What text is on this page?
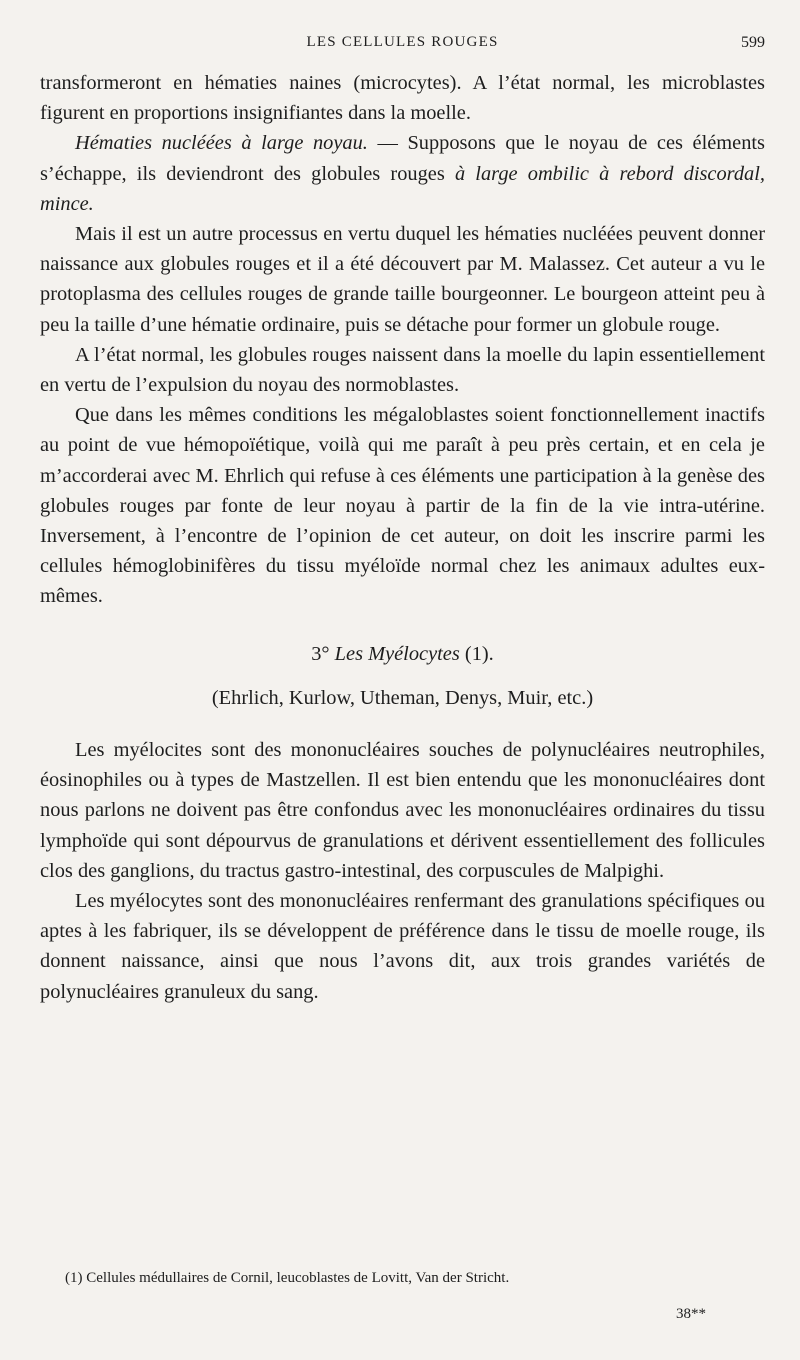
LES CELLULES ROUGES	599

transformeront en hématies naines (microcytes). A l’état normal, les microblastes figurent en proportions insignifiantes dans la moelle.

Hématies nucléées à large noyau. — Supposons que le noyau de ces éléments s’échappe, ils deviendront des globules rouges à large ombilic à rebord discordal, mince.

Mais il est un autre processus en vertu duquel les hématies nucléées peuvent donner naissance aux globules rouges et il a été découvert par M. Malassez. Cet auteur a vu le protoplasma des cellules rouges de grande taille bourgeonner. Le bourgeon atteint peu à peu la taille d’une hématie ordinaire, puis se détache pour former un globule rouge.

A l’état normal, les globules rouges naissent dans la moelle du lapin essentiellement en vertu de l’expulsion du noyau des normoblastes.

Que dans les mêmes conditions les mégaloblastes soient fonctionnellement inactifs au point de vue hémopoïétique, voilà qui me paraît à peu près certain, et en cela je m’accorderai avec M. Ehrlich qui refuse à ces éléments une participation à la genèse des globules rouges par fonte de leur noyau à partir de la fin de la vie intra-utérine. Inversement, à l’encontre de l’opinion de cet auteur, on doit les inscrire parmi les cellules hémoglobinifères du tissu myéloïde normal chez les animaux adultes eux-mêmes.

3° Les Myélocytes (1).

(Ehrlich, Kurlow, Utheman, Denys, Muir, etc.)

Les myélocites sont des mononucléaires souches de polynucléaires neutrophiles, éosinophiles ou à types de Mastzellen. Il est bien entendu que les mononucléaires dont nous parlons ne doivent pas être confondus avec les mononucléaires ordinaires du tissu lymphoïde qui sont dépourvus de granulations et dérivent essentiellement des follicules clos des ganglions, du tractus gastro-intestinal, des corpuscules de Malpighi.

Les myélocytes sont des mononucléaires renfermant des granulations spécifiques ou aptes à les fabriquer, ils se développent de préférence dans le tissu de moelle rouge, ils donnent naissance, ainsi que nous l’avons dit, aux trois grandes variétés de polynucléaires granuleux du sang.

(1) Cellules médullaires de Cornil, leucoblastes de Lovitt, Van der Stricht.
38**
